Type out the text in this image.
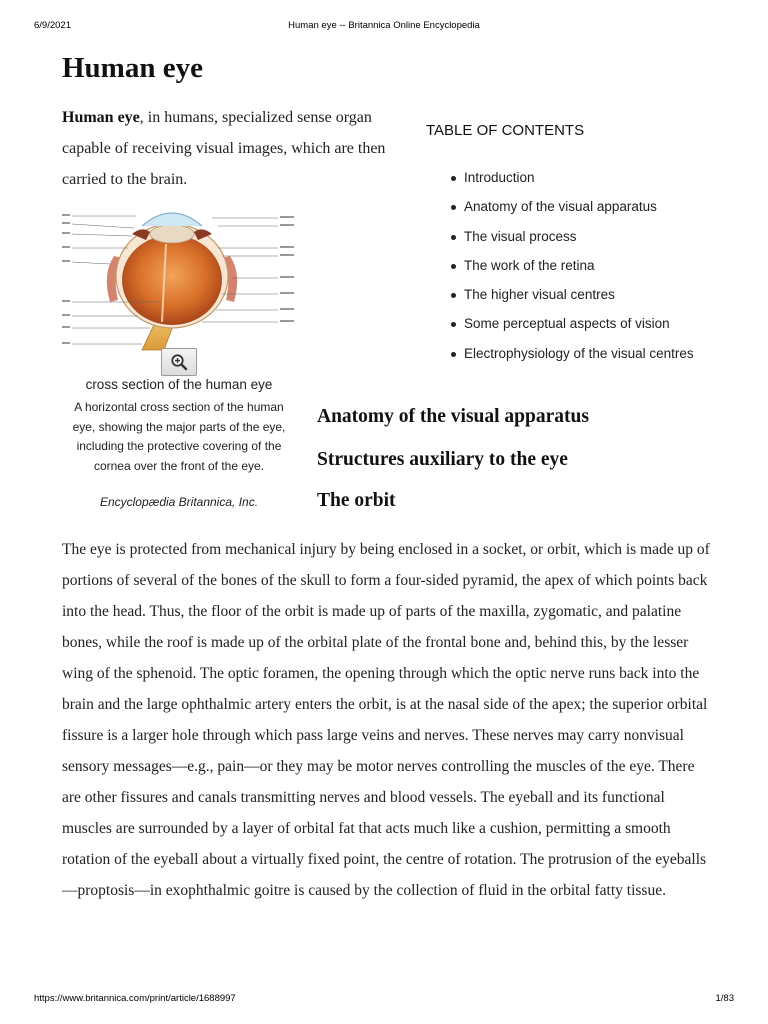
6/9/2021	Human eye -- Britannica Online Encyclopedia
Human eye

Human eye, in humans, specialized sense organ capable of receiving visual images, which are then carried to the brain.

cross section of the human eye
A horizontal cross section of the human eye, showing the major parts of the eye, including the protective covering of the cornea over the front of the eye.
Encyclopædia Britannica, Inc.
TABLE OF CONTENTS
Introduction
Anatomy of the visual apparatus
The visual process
The work of the retina
The higher visual centres
Some perceptual aspects of vision
Electrophysiology of the visual centres
Anatomy of the visual apparatus
Structures auxiliary to the eye
The orbit

The eye is protected from mechanical injury by being enclosed in a socket, or orbit, which is made up of portions of several of the bones of the skull to form a four-sided pyramid, the apex of which points back into the head. Thus, the floor of the orbit is made up of parts of the maxilla, zygomatic, and palatine bones, while the roof is made up of the orbital plate of the frontal bone and, behind this, by the lesser wing of the sphenoid. The optic foramen, the opening through which the optic nerve runs back into the brain and the large ophthalmic artery enters the orbit, is at the nasal side of the apex; the superior orbital fissure is a larger hole through which pass large veins and nerves. These nerves may carry nonvisual sensory messages—e.g., pain—or they may be motor nerves controlling the muscles of the eye. There are other fissures and canals transmitting nerves and blood vessels. The eyeball and its functional muscles are surrounded by a layer of orbital fat that acts much like a cushion, permitting a smooth rotation of the eyeball about a virtually fixed point, the centre of rotation. The protrusion of the eyeballs—proptosis—in exophthalmic goitre is caused by the collection of fluid in the orbital fatty tissue.

https://www.britannica.com/print/article/1688997	1/83
